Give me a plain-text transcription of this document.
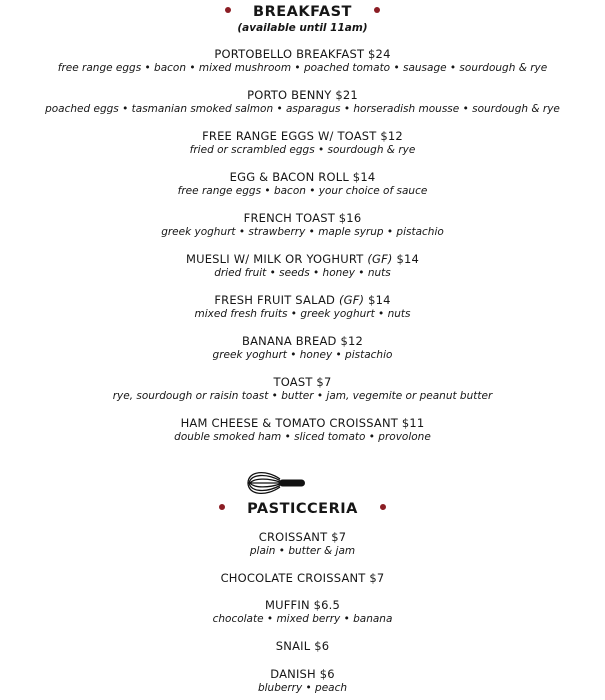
BREAKFAST
(available until 11am)
PORTOBELLO BREAKFAST $24
free range eggs • bacon • mixed mushroom • poached tomato • sausage • sourdough & rye
PORTO BENNY $21
poached eggs • tasmanian smoked salmon • asparagus • horseradish mousse • sourdough & rye
FREE RANGE EGGS W/ TOAST $12
fried or scrambled eggs • sourdough & rye
EGG & BACON ROLL $14
free range eggs • bacon • your choice of sauce
FRENCH TOAST $16
greek yoghurt • strawberry • maple syrup • pistachio
MUESLI W/ MILK OR YOGHURT (GF) $14
dried fruit • seeds • honey • nuts
FRESH FRUIT SALAD (GF) $14
mixed fresh fruits • greek yoghurt • nuts
BANANA BREAD $12
greek yoghurt • honey • pistachio
TOAST $7
rye, sourdough or raisin toast • butter • jam, vegemite or peanut butter
HAM CHEESE & TOMATO CROISSANT $11
double smoked ham • sliced tomato • provolone
PASTICCERIA
CROISSANT $7
plain • butter & jam
CHOCOLATE CROISSANT $7
MUFFIN $6.5
chocolate • mixed berry • banana
SNAIL $6
DANISH $6
bluberry • peach
